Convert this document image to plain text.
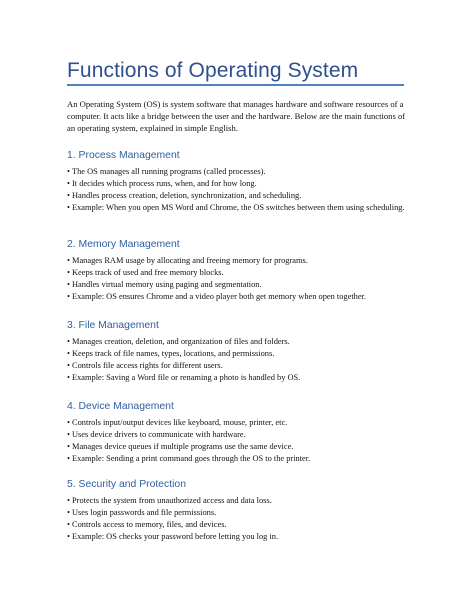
Functions of Operating System
An Operating System (OS) is system software that manages hardware and software resources of a computer. It acts like a bridge between the user and the hardware. Below are the main functions of an operating system, explained in simple English.
1. Process Management
• The OS manages all running programs (called processes).
• It decides which process runs, when, and for how long.
• Handles process creation, deletion, synchronization, and scheduling.
• Example: When you open MS Word and Chrome, the OS switches between them using scheduling.
2. Memory Management
• Manages RAM usage by allocating and freeing memory for programs.
• Keeps track of used and free memory blocks.
• Handles virtual memory using paging and segmentation.
• Example: OS ensures Chrome and a video player both get memory when open together.
3. File Management
• Manages creation, deletion, and organization of files and folders.
• Keeps track of file names, types, locations, and permissions.
• Controls file access rights for different users.
• Example: Saving a Word file or renaming a photo is handled by OS.
4. Device Management
• Controls input/output devices like keyboard, mouse, printer, etc.
• Uses device drivers to communicate with hardware.
• Manages device queues if multiple programs use the same device.
• Example: Sending a print command goes through the OS to the printer.
5. Security and Protection
• Protects the system from unauthorized access and data loss.
• Uses login passwords and file permissions.
• Controls access to memory, files, and devices.
• Example: OS checks your password before letting you log in.
